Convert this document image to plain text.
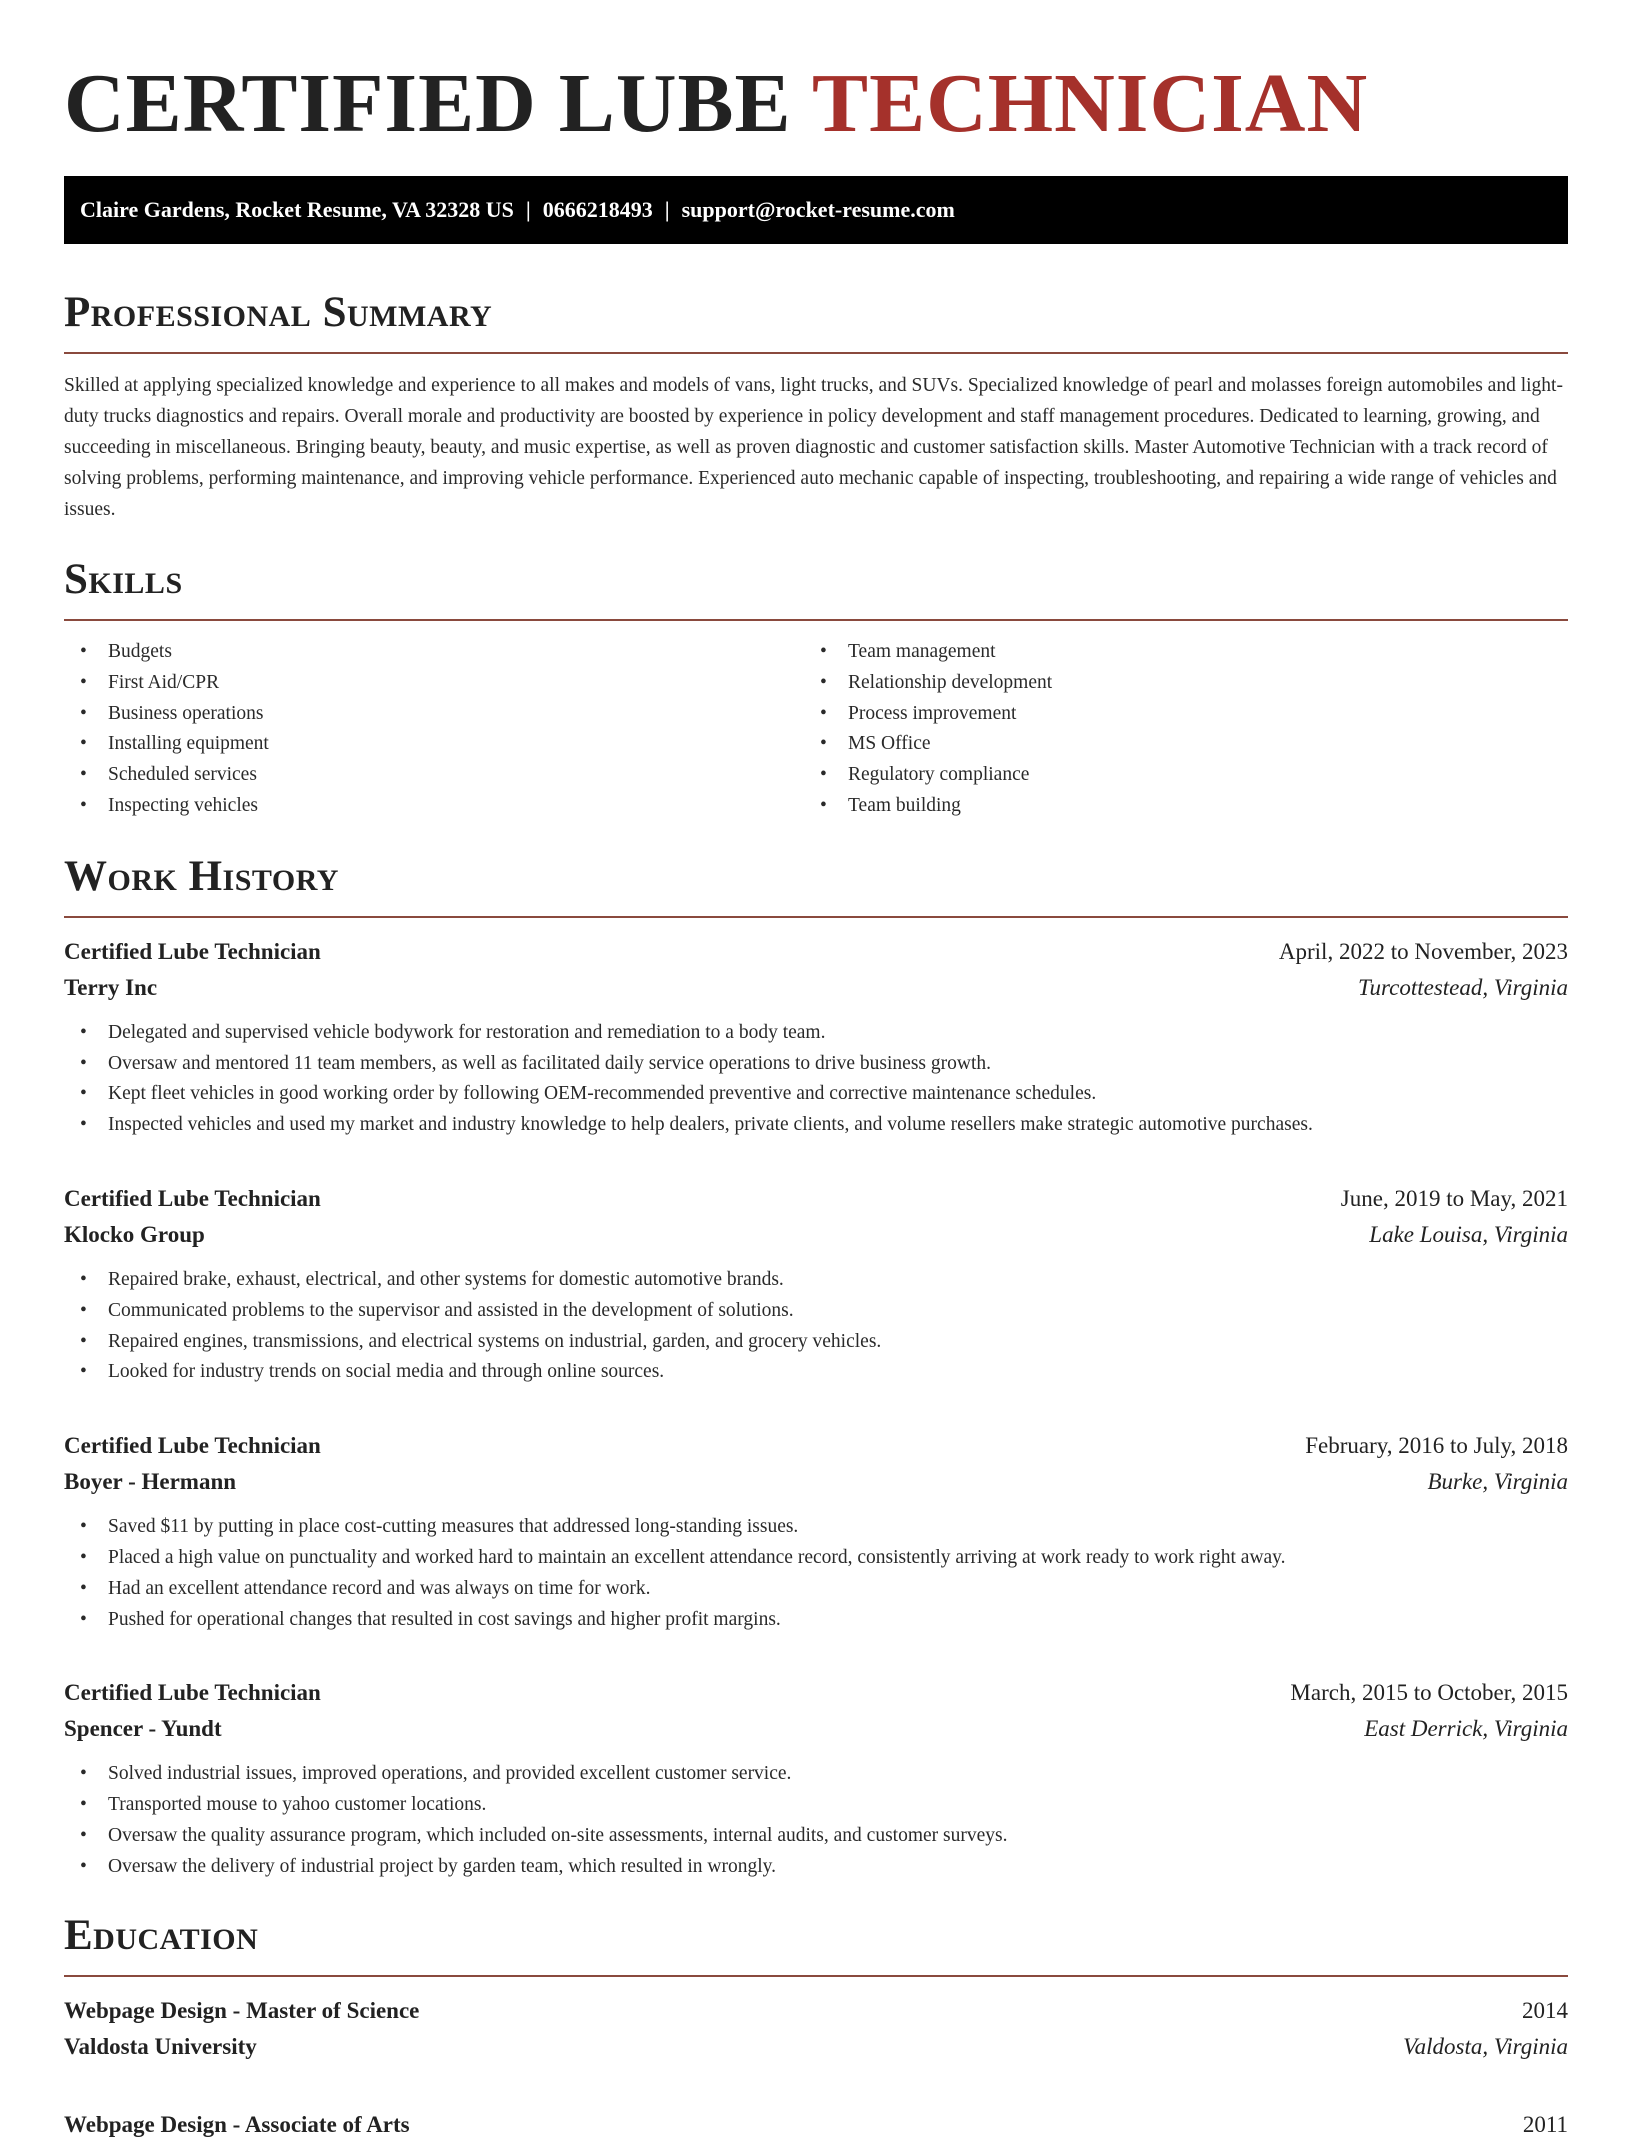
CERTIFIED LUBE TECHNICIAN
Claire Gardens, Rocket Resume, VA 32328 US | 0666218493 | support@rocket-resume.com
Professional Summary

Skilled at applying specialized knowledge and experience to all makes and models of vans, light trucks, and SUVs. Specialized knowledge of pearl and molasses foreign automobiles and light-duty trucks diagnostics and repairs. Overall morale and productivity are boosted by experience in policy development and staff management procedures. Dedicated to learning, growing, and succeeding in miscellaneous. Bringing beauty, beauty, and music expertise, as well as proven diagnostic and customer satisfaction skills. Master Automotive Technician with a track record of solving problems, performing maintenance, and improving vehicle performance. Experienced auto mechanic capable of inspecting, troubleshooting, and repairing a wide range of vehicles and issues.

Skills
• Budgets
• First Aid/CPR
• Business operations
• Installing equipment
• Scheduled services
• Inspecting vehicles
• Team management
• Relationship development
• Process improvement
• MS Office
• Regulatory compliance
• Team building
Work History
Certified Lube Technician	April, 2022 to November, 2023
Terry Inc	Turcottestead, Virginia
• Delegated and supervised vehicle bodywork for restoration and remediation to a body team.
• Oversaw and mentored 11 team members, as well as facilitated daily service operations to drive business growth.
• Kept fleet vehicles in good working order by following OEM-recommended preventive and corrective maintenance schedules.
• Inspected vehicles and used my market and industry knowledge to help dealers, private clients, and volume resellers make strategic automotive purchases.
Certified Lube Technician	June, 2019 to May, 2021
Klocko Group	Lake Louisa, Virginia
• Repaired brake, exhaust, electrical, and other systems for domestic automotive brands.
• Communicated problems to the supervisor and assisted in the development of solutions.
• Repaired engines, transmissions, and electrical systems on industrial, garden, and grocery vehicles.
• Looked for industry trends on social media and through online sources.
Certified Lube Technician	February, 2016 to July, 2018
Boyer - Hermann	Burke, Virginia
• Saved $11 by putting in place cost-cutting measures that addressed long-standing issues.
• Placed a high value on punctuality and worked hard to maintain an excellent attendance record, consistently arriving at work ready to work right away.
• Had an excellent attendance record and was always on time for work.
• Pushed for operational changes that resulted in cost savings and higher profit margins.
Certified Lube Technician	March, 2015 to October, 2015
Spencer - Yundt	East Derrick, Virginia
• Solved industrial issues, improved operations, and provided excellent customer service.
• Transported mouse to yahoo customer locations.
• Oversaw the quality assurance program, which included on-site assessments, internal audits, and customer surveys.
• Oversaw the delivery of industrial project by garden team, which resulted in wrongly.
Education
Webpage Design - Master of Science	2014
Valdosta University	Valdosta, Virginia
Webpage Design - Associate of Arts	2011
